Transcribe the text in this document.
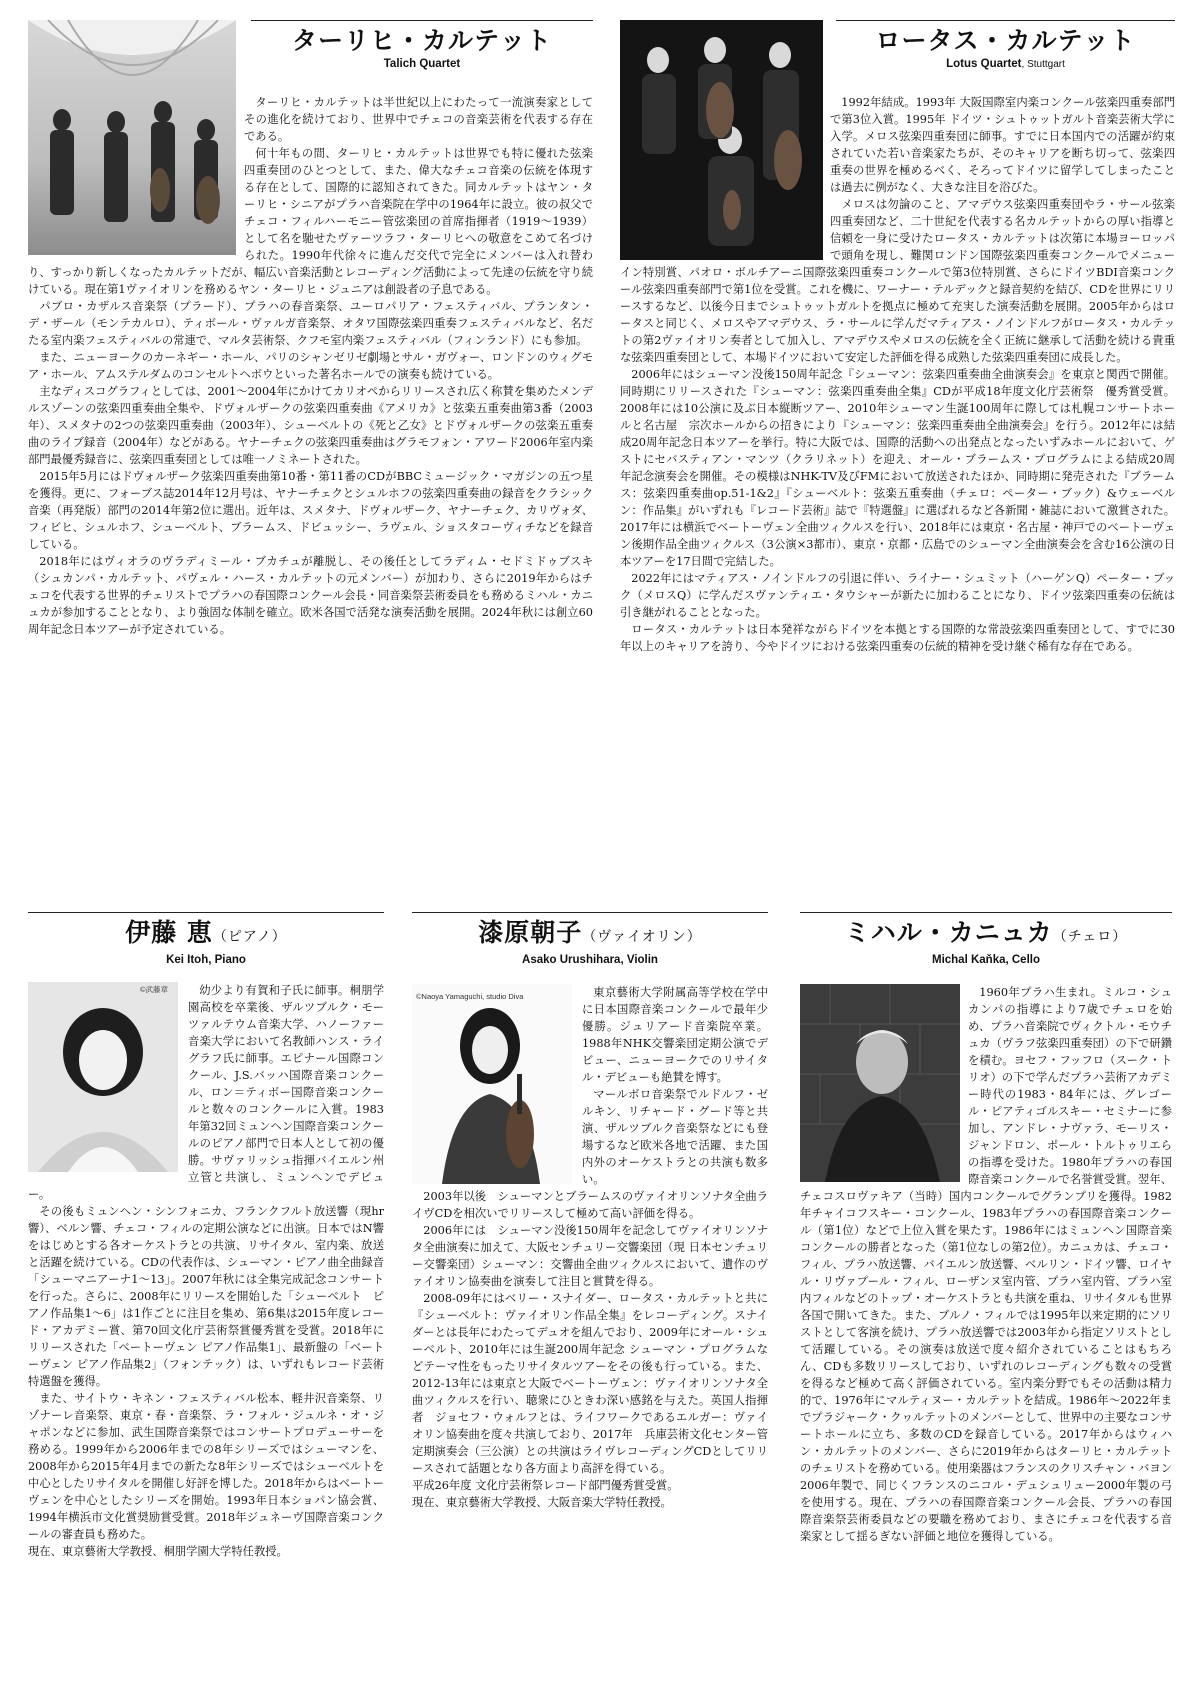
ターリヒ・カルテット
Talich Quartet

ターリヒ・カルテットは半世紀以上にわたって一流演奏家としてその進化を続けており、世界中でチェコの音楽芸術を代表する存在である。

何十年もの間、ターリヒ・カルテットは世界でも特に優れた弦楽四重奏団のひとつとして、また、偉大なチェコ音楽の伝統を体現する存在として、国際的に認知されてきた。同カルテットはヤン・ターリヒ・シニアがプラハ音楽院在学中の1964年に設立。彼の叔父でチェコ・フィルハーモニー管弦楽団の首席指揮者（1919〜1939）として名を馳せたヴァーツラフ・ターリヒへの敬意をこめて名づけられた。1990年代徐々に進んだ交代で完全にメンバーは入れ替わり、すっかり新しくなったカルテットだが、幅広い音楽活動とレコーディング活動によって先達の伝統を守り続けている。現在第1ヴァイオリンを務めるヤン・ターリヒ・ジュニアは創設者の子息である。

パブロ・カザルス音楽祭（プラード）、プラハの春音楽祭、ユーロパリア・フェスティバル、プランタン・デ・ザール（モンテカルロ）、ティボール・ヴァルガ音楽祭、オタワ国際弦楽四重奏フェスティバルなど、名だたる室内楽フェスティバルの常連で、マルタ芸術祭、クフモ室内楽フェスティバル（フィンランド）にも参加。

また、ニューヨークのカーネギー・ホール、パリのシャンゼリゼ劇場とサル・ガヴォー、ロンドンのウィグモア・ホール、アムステルダムのコンセルトヘボウといった著名ホールでの演奏も続けている。

主なディスコグラフィとしては、2001〜2004年にかけてカリオペからリリースされ広く称賛を集めたメンデルスゾーンの弦楽四重奏曲全集や、ドヴォルザークの弦楽四重奏曲《アメリカ》と弦楽五重奏曲第3番（2003年）、スメタナの2つの弦楽四重奏曲（2003年）、シューベルトの《死と乙女》とドヴォルザークの弦楽五重奏曲のライブ録音（2004年）などがある。ヤナーチェクの弦楽四重奏曲はグラモフォン・アワード2006年室内楽部門最優秀録音に、弦楽四重奏団としては唯一ノミネートされた。

2015年5月にはドヴォルザーク弦楽四重奏曲第10番・第11番のCDがBBCミュージック・マガジンの五つ星を獲得。更に、フォーブス誌2014年12月号は、ヤナーチェクとシュルホフの弦楽四重奏曲の録音をクラシック音楽（再発版）部門の2014年第2位に選出。近年は、スメタナ、ドヴォルザーク、ヤナーチェク、カリヴォダ、フィビヒ、シュルホフ、シューベルト、ブラームス、ドビュッシー、ラヴェル、ショスタコーヴィチなどを録音している。

2018年にはヴィオラのヴラディミール・ブカチュが離脱し、その後任としてラディム・セドミドゥブスキ（シュカンパ・カルテット、パヴェル・ハース・カルテットの元メンバー）が加わり、さらに2019年からはチェコを代表する世界的チェリストでプラハの春国際コンクール会長・同音楽祭芸術委員をも務めるミハル・カニュカが参加することとなり、より強固な体制を確立。欧米各国で活発な演奏活動を展開。2024年秋には創立60周年記念日本ツアーが予定されている。

ロータス・カルテット
Lotus Quartet, Stuttgart

1992年結成。1993年 大阪国際室内楽コンクール弦楽四重奏部門で第3位入賞。1995年 ドイツ・シュトゥットガルト音楽芸術大学に入学。メロス弦楽四重奏団に師事。すでに日本国内での活躍が約束されていた若い音楽家たちが、そのキャリアを断ち切って、弦楽四重奏の世界を極めるべく、そろってドイツに留学してしまったことは過去に例がなく、大きな注目を浴びた。

メロスは勿論のこと、アマデウス弦楽四重奏団やラ・サール弦楽四重奏団など、二十世紀を代表する名カルテットからの厚い指導と信頼を一身に受けたロータス・カルテットは次第に本場ヨーロッパで頭角を現し、難関ロンドン国際弦楽四重奏コンクールでメニューイン特別賞、パオロ・ボルチアーニ国際弦楽四重奏コンクールで第3位特別賞、さらにドイツBDI音楽コンクール弦楽四重奏部門で第1位を受賞。これを機に、ワーナー・テルデックと録音契約を結び、CDを世界にリリースするなど、以後今日までシュトゥットガルトを拠点に極めて充実した演奏活動を展開。2005年からはロータスと同じく、メロスやアマデウス、ラ・サールに学んだマティアス・ノインドルフがロータス・カルテットの第2ヴァイオリン奏者として加入し、アマデウスやメロスの伝統を全く正統に継承して活動を続ける貴重な弦楽四重奏団として、本場ドイツにおいて安定した評価を得る成熟した弦楽四重奏団に成長した。

2006年にはシューマン没後150周年記念『シューマン：弦楽四重奏曲全曲演奏会』を東京と関西で開催。同時期にリリースされた『シューマン：弦楽四重奏曲全集』CDが平成18年度文化庁芸術祭　優秀賞受賞。2008年には10公演に及ぶ日本縦断ツアー、2010年シューマン生誕100周年に際しては札幌コンサートホールと名古屋　宗次ホールからの招きにより『シューマン：弦楽四重奏曲全曲演奏会』を行う。2012年には結成20周年記念日本ツアーを挙行。特に大阪では、国際的活動への出発点となったいずみホールにおいて、ゲストにセバスティアン・マンツ（クラリネット）を迎え、オール・ブラームス・プログラムによる結成20周年記念演奏会を開催。その模様はNHK-TV及びFMにおいて放送されたほか、同時期に発売された『ブラームス：弦楽四重奏曲op.51-1&2』『シューベルト：弦楽五重奏曲（チェロ：ペーター・ブック）&ウェーベルン：作品集』がいずれも『レコード芸術』誌で『特選盤』に選ばれるなど各新聞・雑誌において激賞された。2017年には横浜でベートーヴェン全曲ツィクルスを行い、2018年には東京・名古屋・神戸でのベートーヴェン後期作品全曲ツィクルス（3公演×3都市）、東京・京都・広島でのシューマン全曲演奏会を含む16公演の日本ツアーを17日間で完結した。

2022年にはマティアス・ノインドルフの引退に伴い、ライナー・シュミット（ハーゲンQ）ペーター・ブック（メロスQ）に学んだスヴァンティエ・タウシャーが新たに加わることになり、ドイツ弦楽四重奏の伝統は引き継がれることとなった。

ロータス・カルテットは日本発祥ながらドイツを本拠とする国際的な常設弦楽四重奏団として、すでに30年以上のキャリアを誇り、今やドイツにおける弦楽四重奏の伝統的精神を受け継ぐ稀有な存在である。

伊藤 恵（ピアノ）
Kei Itoh, Piano
©武藤章	幼少より有賀和子氏に師事。桐朋学園高校を卒業後、ザルツブルク・モーツァルテウム音楽大学、ハノーファー音楽大学において名教師ハンス・ライグラフ氏に師事。エピナール国際コンクール、J.S.バッハ国際音楽コンクール、ロン＝ティボー国際音楽コンクールと数々のコンクールに入賞。1983年第32回ミュンヘン国際音楽コンクールのピアノ部門で日本人として初の優勝。サヴァリッシュ指揮バイエルン州立管と共演し、ミュンヘンでデビュー。

その後もミュンヘン・シンフォニカ、フランクフルト放送響（現hr響）、ベルン響、チェコ・フィルの定期公演などに出演。日本ではN響をはじめとする各オーケストラとの共演、リサイタル、室内楽、放送と活躍を続けている。CDの代表作は、シューマン・ピアノ曲全曲録音「シューマニアーナ1〜13」。2007年秋には全集完成記念コンサートを行った。さらに、2008年にリリースを開始した「シューベルト　ピアノ作品集1〜6」は1作ごとに注目を集め、第6集は2015年度レコード・アカデミー賞、第70回文化庁芸術祭賞優秀賞を受賞。2018年にリリースされた「ベートーヴェン ピアノ作品集1」、最新盤の「ベートーヴェン ピアノ作品集2」（フォンテック）は、いずれもレコード芸術特選盤を獲得。

また、サイトウ・キネン・フェスティバル松本、軽井沢音楽祭、リゾナーレ音楽祭、東京・春・音楽祭、ラ・フォル・ジュルネ・オ・ジャポンなどに参加、武生国際音楽祭ではコンサートプロデューサーを務める。1999年から2006年までの8年シリーズではシューマンを、2008年から2015年4月までの新たな8年シリーズではシューベルトを中心としたリサイタルを開催し好評を博した。2018年からはベートーヴェンを中心としたシリーズを開始。1993年日本ショパン協会賞、1994年横浜市文化賞奨励賞受賞。2018年ジュネーヴ国際音楽コンクールの審査員も務めた。

現在、東京藝術大学教授、桐朋学園大学特任教授。

漆原朝子（ヴァイオリン）
Asako Urushihara, Violin
©Naoya Yamaguchi, studio Diva	東京藝術大学附属高等学校在学中に日本国際音楽コンクールで最年少優勝。ジュリアード音楽院卒業。1988年NHK交響楽団定期公演でデビュー、ニューヨークでのリサイタル・デビューも絶賛を博す。

マールボロ音楽祭でルドルフ・ゼルキン、リチャード・グード等と共演、ザルツブルク音楽祭などにも登場するなど欧米各地で活躍、また国内外のオーケストラとの共演も数多い。

2003年以後　シューマンとブラームスのヴァイオリンソナタ全曲ライヴCDを相次いでリリースして極めて高い評価を得る。

2006年には　シューマン没後150周年を記念してヴァイオリンソナタ全曲演奏に加えて、大阪センチュリー交響楽団（現 日本センチュリー交響楽団）シューマン：交響曲全曲ツィクルスにおいて、遺作のヴァイオリン協奏曲を演奏して注目と賞賛を得る。

2008-09年にはベリー・スナイダー、ロータス・カルテットと共に『シューベルト：ヴァイオリン作品全集』をレコーディング。スナイダーとは長年にわたってデュオを組んでおり、2009年にオール・シューベルト、2010年には生誕200周年記念 シューマン・プログラムなどテーマ性をもったリサイタルツアーをその後も行っている。また、2012-13年には東京と大阪でベートーヴェン：ヴァイオリンソナタ全曲ツィクルスを行い、聴衆にひときわ深い感銘を与えた。英国人指揮者　ジョセフ・ウォルフとは、ライフワークであるエルガー：ヴァイオリン協奏曲を度々共演しており、2017年　兵庫芸術文化センター管定期演奏会（三公演）との共演はライヴレコーディングCDとしてリリースされて話題となり各方面より高評を得ている。

平成26年度 文化庁芸術祭レコード部門優秀賞受賞。

現在、東京藝術大学教授、大阪音楽大学特任教授。

ミハル・カニュカ（チェロ）
Michal Kaňka, Cello

1960年プラハ生まれ。ミルコ・シュカンパの指導により7歳でチェロを始め、プラハ音楽院でヴィクトル・モウチュカ（ヴラフ弦楽四重奏団）の下で研鑽を積む。ヨセフ・フッフロ（スーク・トリオ）の下で学んだプラハ芸術アカデミー時代の1983・84年には、グレゴール・ピアティゴルスキー・セミナーに参加し、アンドレ・ナヴァラ、モーリス・ジャンドロン、ポール・トルトゥリエらの指導を受けた。1980年プラハの春国際音楽コンクールで名誉賞受賞。翌年、チェコスロヴァキア（当時）国内コンクールでグランプリを獲得。1982年チャイコフスキー・コンクール、1983年プラハの春国際音楽コンクール（第1位）などで上位入賞を果たす。1986年にはミュンヘン国際音楽コンクールの勝者となった（第1位なしの第2位）。カニュカは、チェコ・フィル、プラハ放送響、バイエルン放送響、ベルリン・ドイツ響、ロイヤル・リヴァプール・フィル、ローザンヌ室内管、プラハ室内管、プラハ室内フィルなどのトップ・オーケストラとも共演を重ね、リサイタルも世界各国で開いてきた。また、ブルノ・フィルでは1995年以来定期的にソリストとして客演を続け、プラハ放送響では2003年から指定ソリストとして活躍している。その演奏は放送で度々紹介されていることはもちろん、CDも多数リリースしており、いずれのレコーディングも数々の受賞を得るなど極めて高く評価されている。室内楽分野でもその活動は精力的で、1976年にマルティヌー・カルテットを結成。1986年〜2022年までプラジャーク・クヮルテットのメンバーとして、世界中の主要なコンサートホールに立ち、多数のCDを録音している。2017年からはウィハン・カルテットのメンバー、さらに2019年からはターリヒ・カルテットのチェリストを務めている。使用楽器はフランスのクリスチャン・バヨン2006年製で、同じくフランスのニコル・デュシュリュー2000年製の弓を使用する。現在、プラハの春国際音楽コンクール会長、プラハの春国際音楽祭芸術委員などの要職を務めており、まさにチェコを代表する音楽家として揺るぎない評価と地位を獲得している。
